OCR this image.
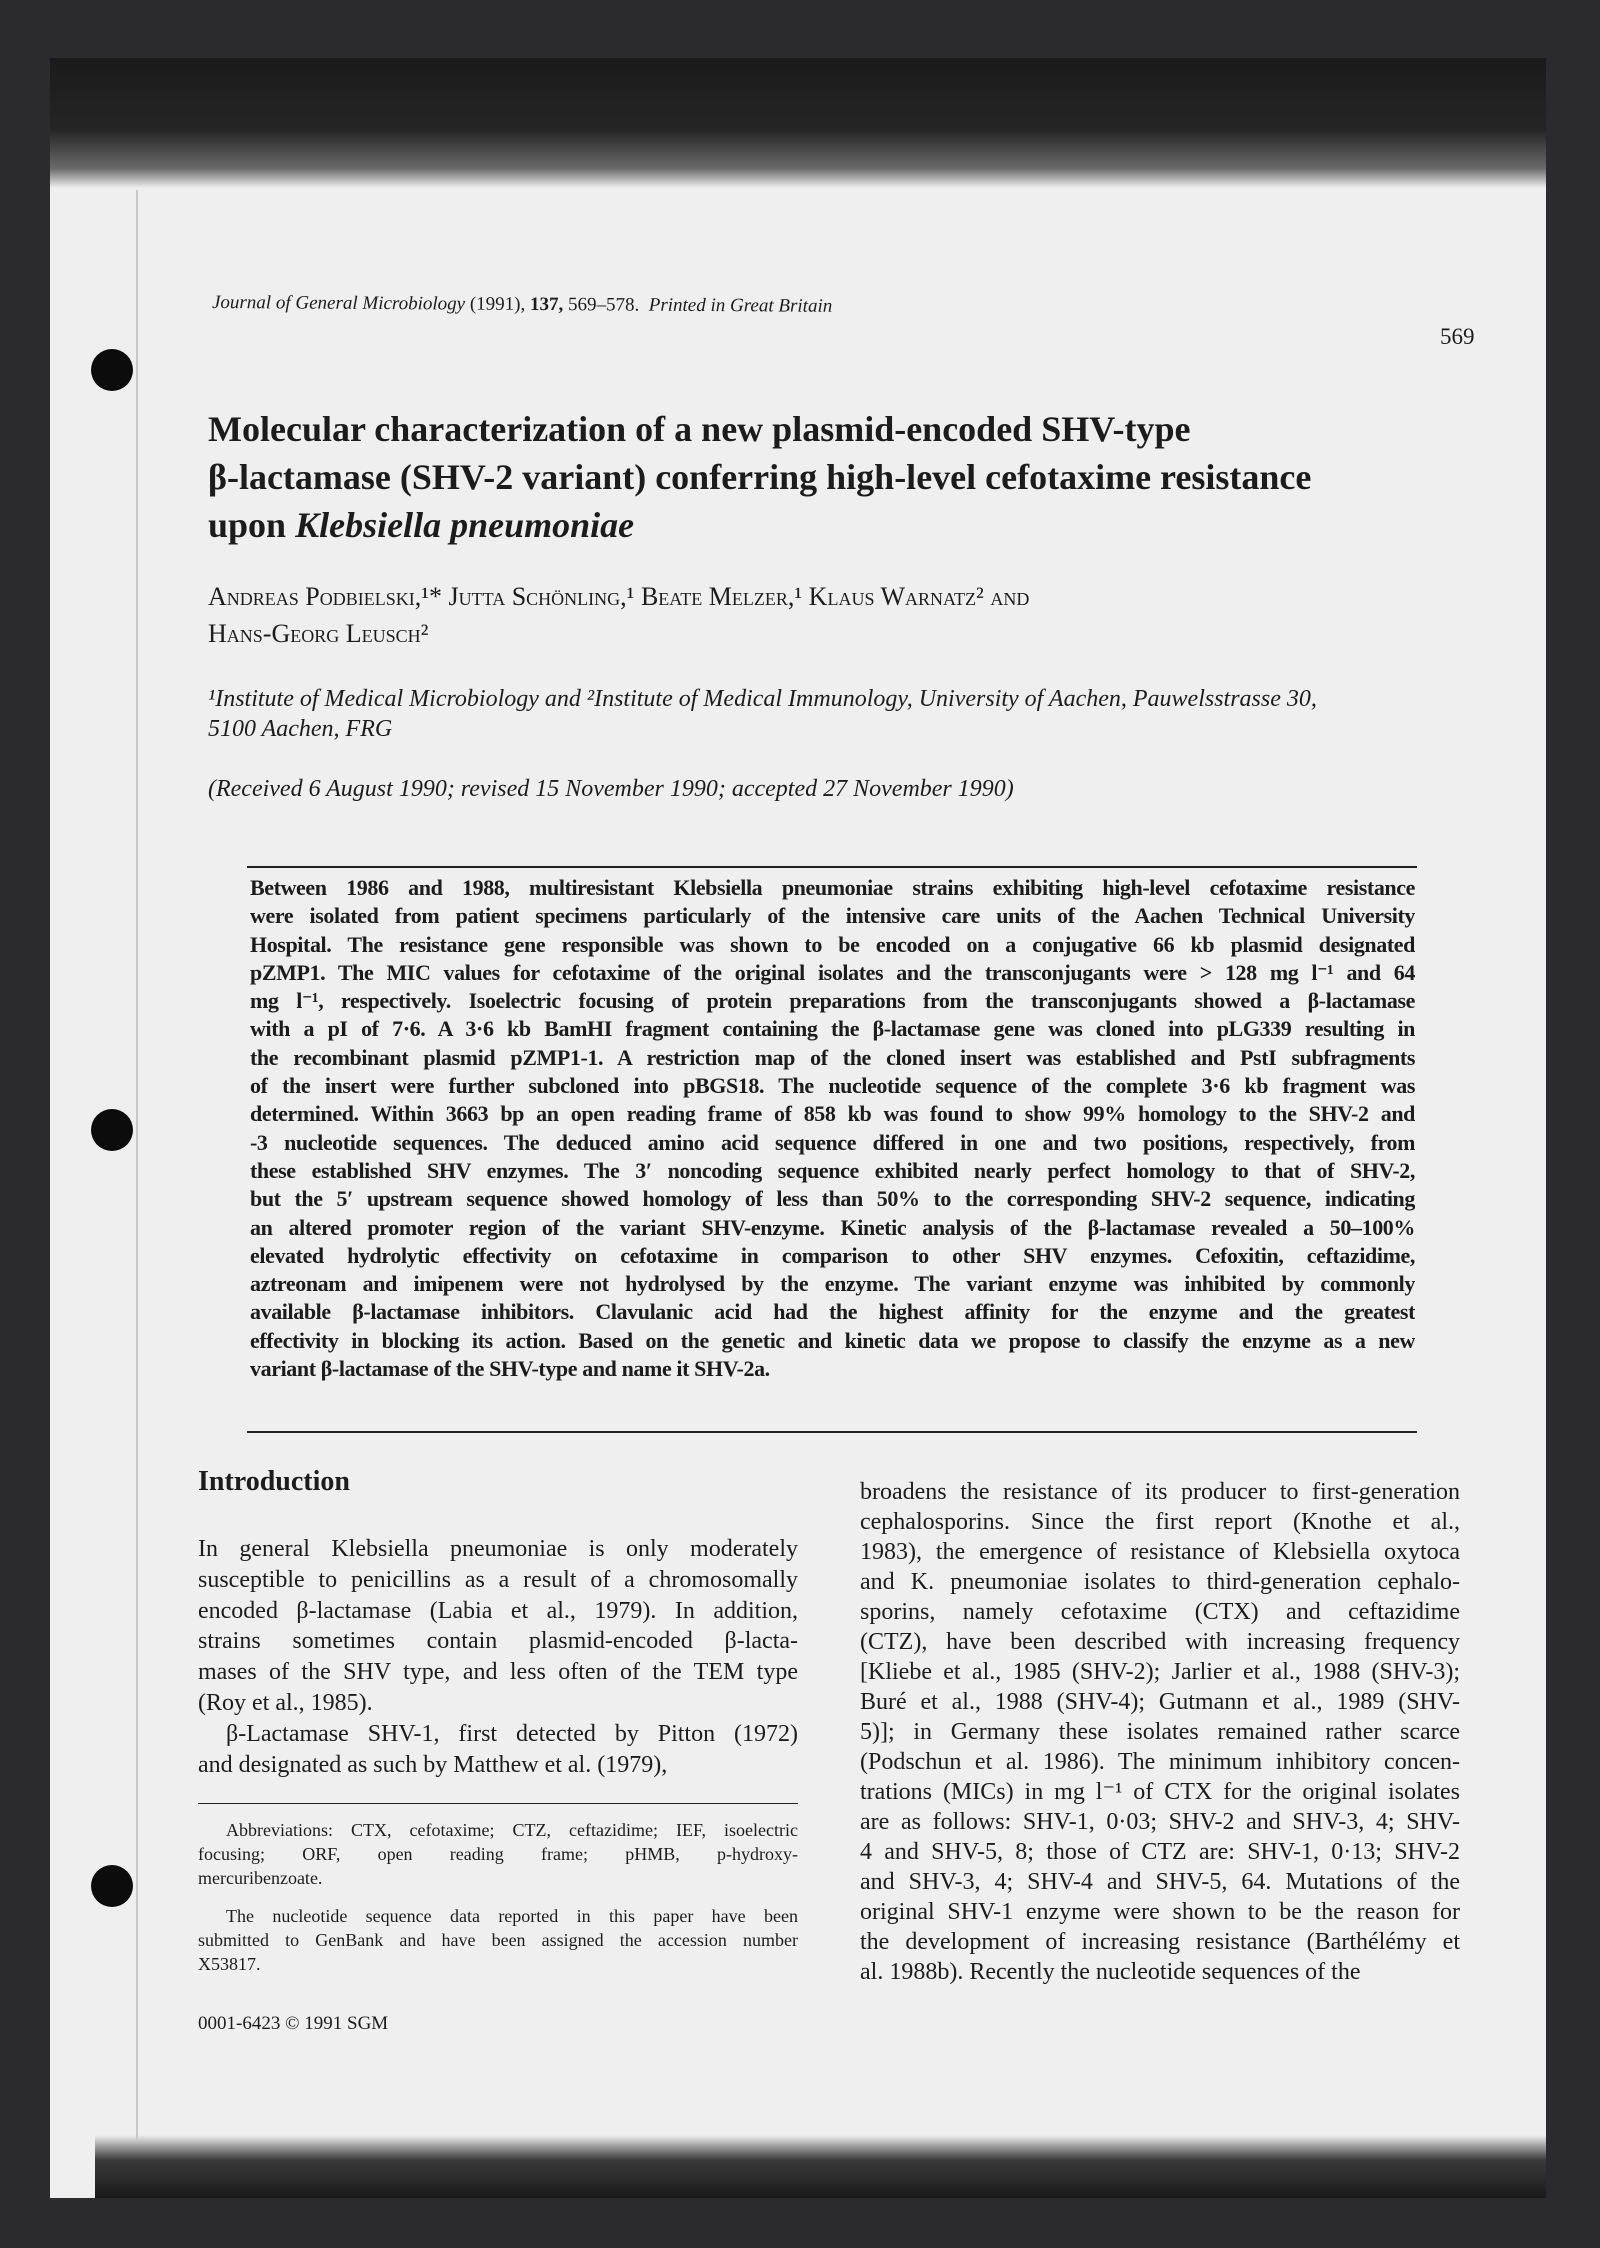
Journal of General Microbiology (1991), 137, 569–578. Printed in Great Britain
569
Molecular characterization of a new plasmid-encoded SHV-type
β-lactamase (SHV-2 variant) conferring high-level cefotaxime resistance
upon Klebsiella pneumoniae
Andreas Podbielski,¹* Jutta Schönling,¹ Beate Melzer,¹ Klaus Warnatz² and
Hans-Georg Leusch²
¹Institute of Medical Microbiology and ²Institute of Medical Immunology, University of Aachen, Pauwelsstrasse 30,
5100 Aachen, FRG
(Received 6 August 1990; revised 15 November 1990; accepted 27 November 1990)
Between 1986 and 1988, multiresistant Klebsiella pneumoniae strains exhibiting high-level cefotaxime resistance
were isolated from patient specimens particularly of the intensive care units of the Aachen Technical University
Hospital. The resistance gene responsible was shown to be encoded on a conjugative 66 kb plasmid designated
pZMP1. The MIC values for cefotaxime of the original isolates and the transconjugants were > 128 mg l⁻¹ and 64
mg l⁻¹, respectively. Isoelectric focusing of protein preparations from the transconjugants showed a β-lactamase
with a pI of 7·6. A 3·6 kb BamHI fragment containing the β-lactamase gene was cloned into pLG339 resulting in
the recombinant plasmid pZMP1-1. A restriction map of the cloned insert was established and PstI subfragments
of the insert were further subcloned into pBGS18. The nucleotide sequence of the complete 3·6 kb fragment was
determined. Within 3663 bp an open reading frame of 858 kb was found to show 99% homology to the SHV-2 and
-3 nucleotide sequences. The deduced amino acid sequence differed in one and two positions, respectively, from
these established SHV enzymes. The 3′ noncoding sequence exhibited nearly perfect homology to that of SHV-2,
but the 5′ upstream sequence showed homology of less than 50% to the corresponding SHV-2 sequence, indicating
an altered promoter region of the variant SHV-enzyme. Kinetic analysis of the β-lactamase revealed a 50–100%
elevated hydrolytic effectivity on cefotaxime in comparison to other SHV enzymes. Cefoxitin, ceftazidime,
aztreonam and imipenem were not hydrolysed by the enzyme. The variant enzyme was inhibited by commonly
available β-lactamase inhibitors. Clavulanic acid had the highest affinity for the enzyme and the greatest
effectivity in blocking its action. Based on the genetic and kinetic data we propose to classify the enzyme as a new
variant β-lactamase of the SHV-type and name it SHV-2a.
Introduction
In general Klebsiella pneumoniae is only moderately
susceptible to penicillins as a result of a chromosomally
encoded β-lactamase (Labia et al., 1979). In addition,
strains sometimes contain plasmid-encoded β-lacta-
mases of the SHV type, and less often of the TEM type
(Roy et al., 1985).
β-Lactamase SHV-1, first detected by Pitton (1972)
and designated as such by Matthew et al. (1979),
Abbreviations: CTX, cefotaxime; CTZ, ceftazidime; IEF, isoelectric
focusing; ORF, open reading frame; pHMB, p-hydroxy-
mercuribenzoate.
The nucleotide sequence data reported in this paper have been
submitted to GenBank and have been assigned the accession number
X53817.
0001-6423 © 1991 SGM
broadens the resistance of its producer to first-generation
cephalosporins. Since the first report (Knothe et al.,
1983), the emergence of resistance of Klebsiella oxytoca
and K. pneumoniae isolates to third-generation cephalo-
sporins, namely cefotaxime (CTX) and ceftazidime
(CTZ), have been described with increasing frequency
[Kliebe et al., 1985 (SHV-2); Jarlier et al., 1988 (SHV-3);
Buré et al., 1988 (SHV-4); Gutmann et al., 1989 (SHV-
5)]; in Germany these isolates remained rather scarce
(Podschun et al. 1986). The minimum inhibitory concen-
trations (MICs) in mg l⁻¹ of CTX for the original isolates
are as follows: SHV-1, 0·03; SHV-2 and SHV-3, 4; SHV-
4 and SHV-5, 8; those of CTZ are: SHV-1, 0·13; SHV-2
and SHV-3, 4; SHV-4 and SHV-5, 64. Mutations of the
original SHV-1 enzyme were shown to be the reason for
the development of increasing resistance (Barthélémy et
al. 1988b). Recently the nucleotide sequences of the
